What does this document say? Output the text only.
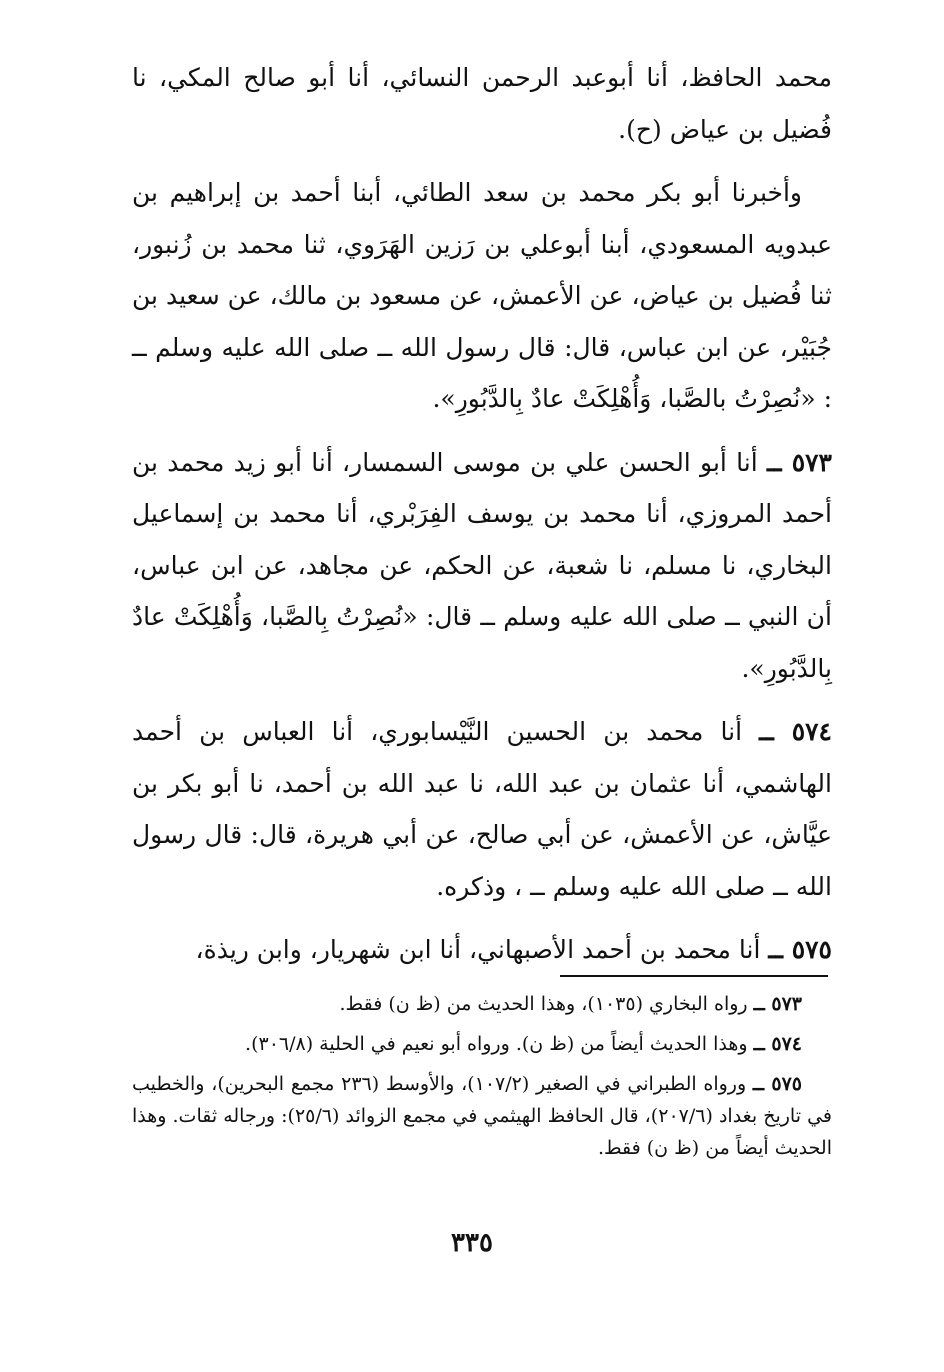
محمد الحافظ، أنا أبوعبد الرحمن النسائي، أنا أبو صالح المكي، نا فُضيل بن عياض (ح).

وأخبرنا أبو بكر محمد بن سعد الطائي، أبنا أحمد بن إبراهيم بن عبدويه المسعودي، أبنا أبوعلي بن رَزين الهَرَوي، ثنا محمد بن زُنبور، ثنا فُضيل بن عياض، عن الأعمش، عن مسعود بن مالك، عن سعيد بن جُبَيْر، عن ابن عباس، قال: قال رسول الله ــ صلى الله عليه وسلم ــ : «نُصِرْتُ بالصَّبا، وَأُهْلِكَتْ عادٌ بِالدَّبُورِ».

٥٧٣ ــ أنا أبو الحسن علي بن موسى السمسار، أنا أبو زيد محمد بن أحمد المروزي، أنا محمد بن يوسف الفِرَبْري، أنا محمد بن إسماعيل البخاري، نا مسلم، نا شعبة، عن الحكم، عن مجاهد، عن ابن عباس، أن النبي ــ صلى الله عليه وسلم ــ قال: «نُصِرْتُ بِالصَّبا، وَأُهْلِكَتْ عادٌ بِالدَّبُورِ».

٥٧٤ ــ أنا محمد بن الحسين النَّيْسابوري، أنا العباس بن أحمد الهاشمي، أنا عثمان بن عبد الله، نا عبد الله بن أحمد، نا أبو بكر بن عيَّاش، عن الأعمش، عن أبي صالح، عن أبي هريرة، قال: قال رسول الله ــ صلى الله عليه وسلم ــ ، وذكره.

٥٧٥ ــ أنا محمد بن أحمد الأصبهاني، أنا ابن شهريار، وابن ريذة،

٥٧٣ ــ رواه البخاري (١٠٣٥)، وهذا الحديث من (ظ ن) فقط.

٥٧٤ ــ وهذا الحديث أيضاً من (ظ ن). ورواه أبو نعيم في الحلية (٣٠٦/٨).

٥٧٥ ــ ورواه الطبراني في الصغير (١٠٧/٢)، والأوسط (٢٣٦ مجمع البحرين)، والخطيب في تاريخ بغداد (٢٠٧/٦)، قال الحافظ الهيثمي في مجمع الزوائد (٢٥/٦): ورجاله ثقات. وهذا الحديث أيضاً من (ظ ن) فقط.

٣٣٥
